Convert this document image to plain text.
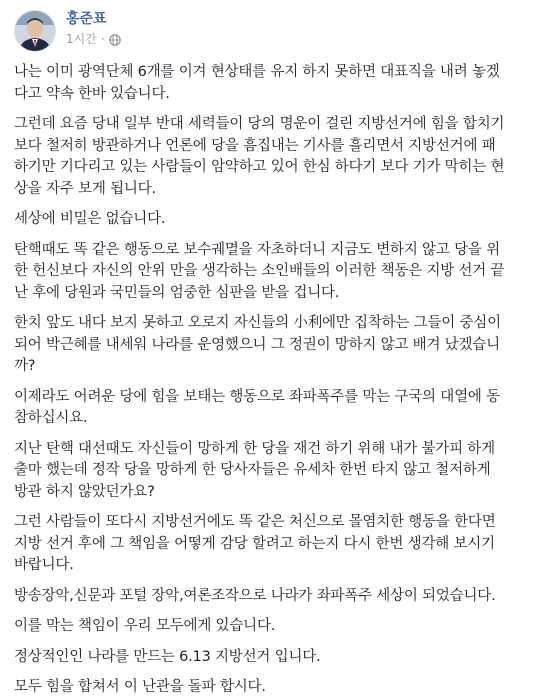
홍준표
1시간 ·

나는 이미 광역단체 6개를 이겨 현상태를 유지 하지 못하면 대표직을 내려 놓겠
다고 약속 한바 있습니다.

그런데 요즘 당내 일부 반대 세력들이 당의 명운이 걸린 지방선거에 힘을 합치기
보다 철저히 방관하거나 언론에 당을 흠집내는 기사를 흘리면서 지방선거에 패
하기만 기다리고 있는 사람들이 암약하고 있어 한심 하다기 보다 기가 막히는 현
상을 자주 보게 됩니다.

세상에 비밀은 없습니다.

탄핵때도 똑 같은 행동으로 보수궤멸을 자초하더니 지금도 변하지 않고 당을 위
한 헌신보다 자신의 안위 만을 생각하는 소인배들의 이러한 책동은 지방 선거 끝
난 후에 당원과 국민들의 엄중한 심판을 받을 겁니다.

한치 앞도 내다 보지 못하고 오로지 자신들의 小利에만 집착하는 그들이 중심이
되어 박근혜를 내세워 나라를 운영했으니 그 정권이 망하지 않고 배겨 났겠습니
까?

이제라도 어려운 당에 힘을 보태는 행동으로 좌파폭주를 막는 구국의 대열에 동
참하십시요.

지난 탄핵 대선때도 자신들이 망하게 한 당을 재건 하기 위해 내가 불가피 하게
출마 했는데 정작 당을 망하게 한 당사자들은 유세차 한번 타지 않고 철저하게
방관 하지 않았던가요?

그런 사람들이 또다시 지방선거에도 똑 같은 처신으로 몰염치한 행동을 한다면
지방 선거 후에 그 책임을 어떻게 감당 할려고 하는지 다시 한번 생각해 보시기
바랍니다.

방송장악,신문과 포털 장악,여론조작으로 나라가 좌파폭주 세상이 되었습니다.

이를 막는 책임이 우리 모두에게 있습니다.

정상적인인 나라를 만드는 6.13 지방선거 입니다.

모두 힘을 합쳐서 이 난관을 돌파 합시다.
